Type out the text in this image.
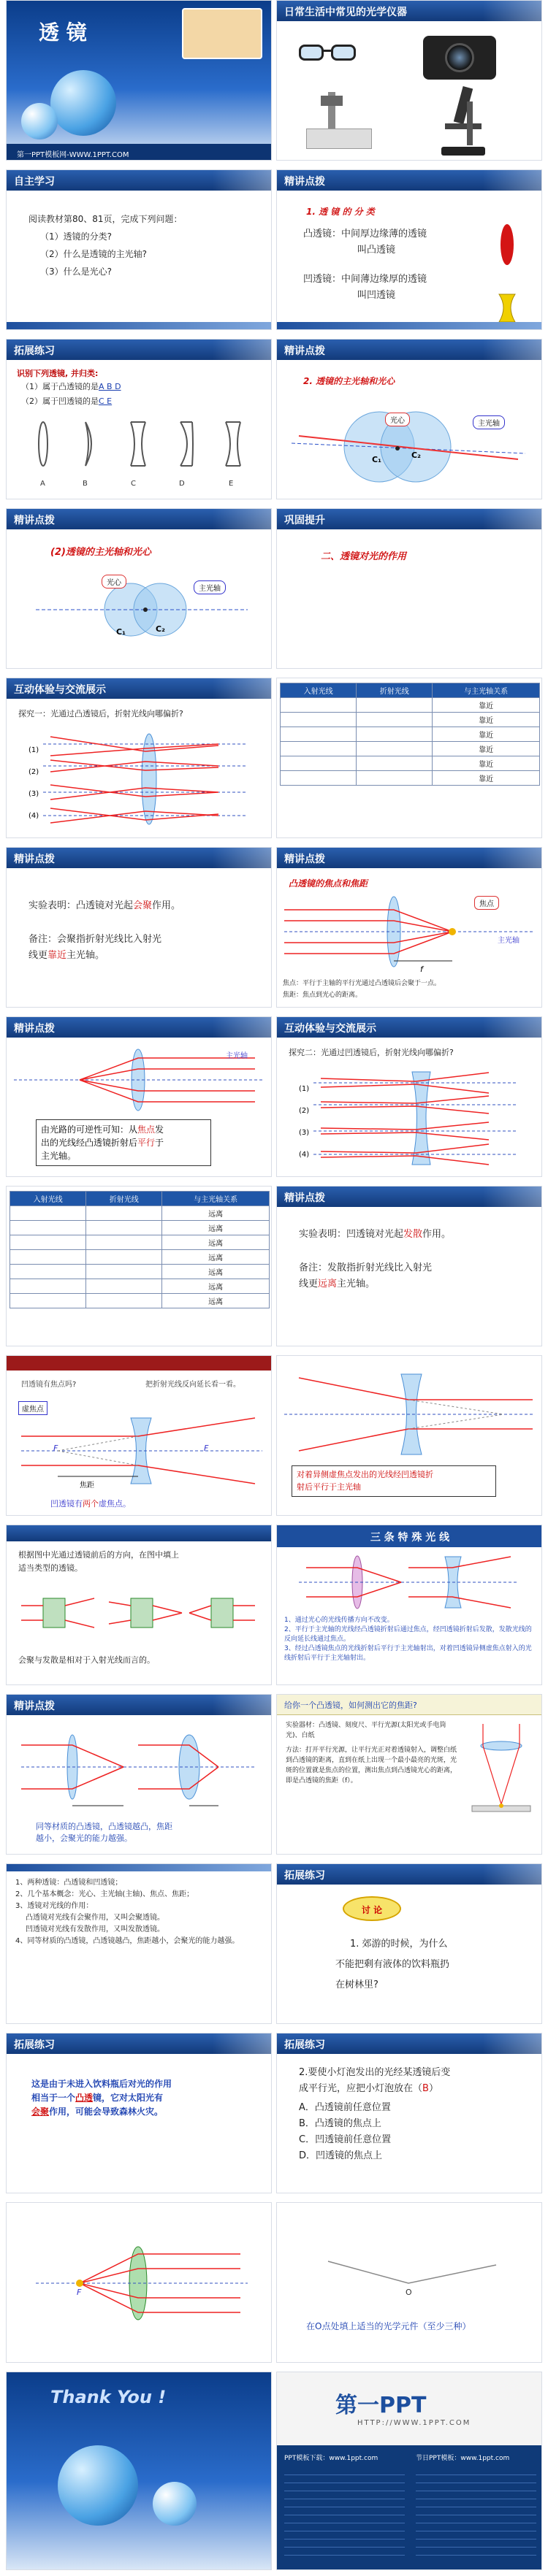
透 镜
第一PPT模板网-WWW.1PPT.COM
日常生活中常见的光学仪器
自主学习
阅读教材第80、81页，完成下列问题：
（1）透镜的分类?
（2）什么是透镜的主光轴?
（3）什么是光心?
精讲点拨
1. 透 镜 的 分 类
凸透镜：中间厚边缘薄的透镜
叫凸透镜
凹透镜：中间薄边缘厚的透镜
叫凹透镜
拓展练习
识别下列透镜, 并归类:
（1）属于凸透镜的是A B D
（2）属于凹透镜的是C E
A	B	C	D	E
精讲点拨
2. 透镜的主光轴和光心
光心	主光轴
C₁	C₂
精讲点拨
(2)透镜的主光轴和光心
光心
主光轴
C₁	C₂
巩固提升
二、透镜对光的作用
互动体验与交流展示
探究一：光通过凸透镜后，折射光线向哪偏折?
(1)
(2)
(3)
(4)
入射光线	折射光线	与主光轴关系
		靠近
		靠近
		靠近
		靠近
		靠近
		靠近
精讲点拨
实验表明：凸透镜对光起会聚作用。
备注：会聚指折射光线比入射光
线更靠近主光轴。
精讲点拨
凸透镜的焦点和焦距
焦点
主光轴
f
焦点：平行于主轴的平行光通过凸透镜后会聚于一点。
焦距：焦点到光心的距离。
精讲点拨
主光轴
由光路的可逆性可知：从焦点发
出的光线经凸透镜折射后平行于
主光轴。
互动体验与交流展示
探究二：光通过凹透镜后，折射光线向哪偏折?
(1)
(2)
(3)
(4)
入射光线	折射光线	与主光轴关系
		远离
		远离
		远离
		远离
		远离
		远离
		远离
精讲点拨
实验表明：凹透镜对光起发散作用。
备注：发散指折射光线比入射光
线更远离主光轴。
凹透镜有焦点吗?	把折射光线反向延长看一看。
虚焦点
F	F
焦距
凹透镜有两个虚焦点。
对着异侧虚焦点发出的光线经凹透镜折
射后平行于主光轴
根据图中光通过透镜前后的方向，在图中填上
适当类型的透镜。
会聚与发散是相对于入射光线而言的。
三 条 特 殊 光 线
1、通过光心的光线传播方向不改变。
2、平行于主光轴的光线经凸透镜折射后通过焦点，经凹透镜折射后发散，发散光线的反向延长线通过焦点。
3、经过凸透镜焦点的光线折射后平行于主光轴射出，对着凹透镜异侧虚焦点射入的光线折射后平行于主光轴射出。
精讲点拨
同等材质的凸透镜，凸透镜越凸，焦距
越小，会聚光的能力越强。
给你一个凸透镜，如何测出它的焦距?
实验器材：凸透镜、刻度尺、平行光源(太阳光或手电筒光)、白纸
方法：打开平行光源，让平行光正对着透镜射入，调整白纸到凸透镜的距离，直到在纸上出现一个最小最亮的光斑，光斑的位置就是焦点的位置，测出焦点到凸透镜光心的距离，即是凸透镜的焦距（f）。
1、两种透镜：凸透镜和凹透镜；
2、几个基本概念：光心、主光轴(主轴)、焦点、焦距；
3、透镜对光线的作用：
凸透镜对光线有会聚作用，又叫会聚透镜。
凹透镜对光线有发散作用，又叫发散透镜。
4、同等材质的凸透镜，凸透镜越凸，焦距越小，会聚光的能力越强。
拓展练习
讨 论
1. 郊游的时候，为什么
不能把剩有液体的饮料瓶扔
在树林里?
拓展练习
这是由于未进入饮料瓶后对光的作用
相当于一个凸透镜，它对太阳光有
会聚作用，可能会导致森林火灾。
拓展练习
2.要使小灯泡发出的光经某透镜后变
成平行光，应把小灯泡放在（B）
A．凸透镜前任意位置
B．凸透镜的焦点上
C．凹透镜前任意位置
D．凹透镜的焦点上
F	O
在O点处填上适当的光学元件（至少三种）
Thank You !	第一PPT
HTTP://WWW.1PPT.COM
PPT模板下载：www.1ppt.com	节日PPT模板：www.1ppt.com
